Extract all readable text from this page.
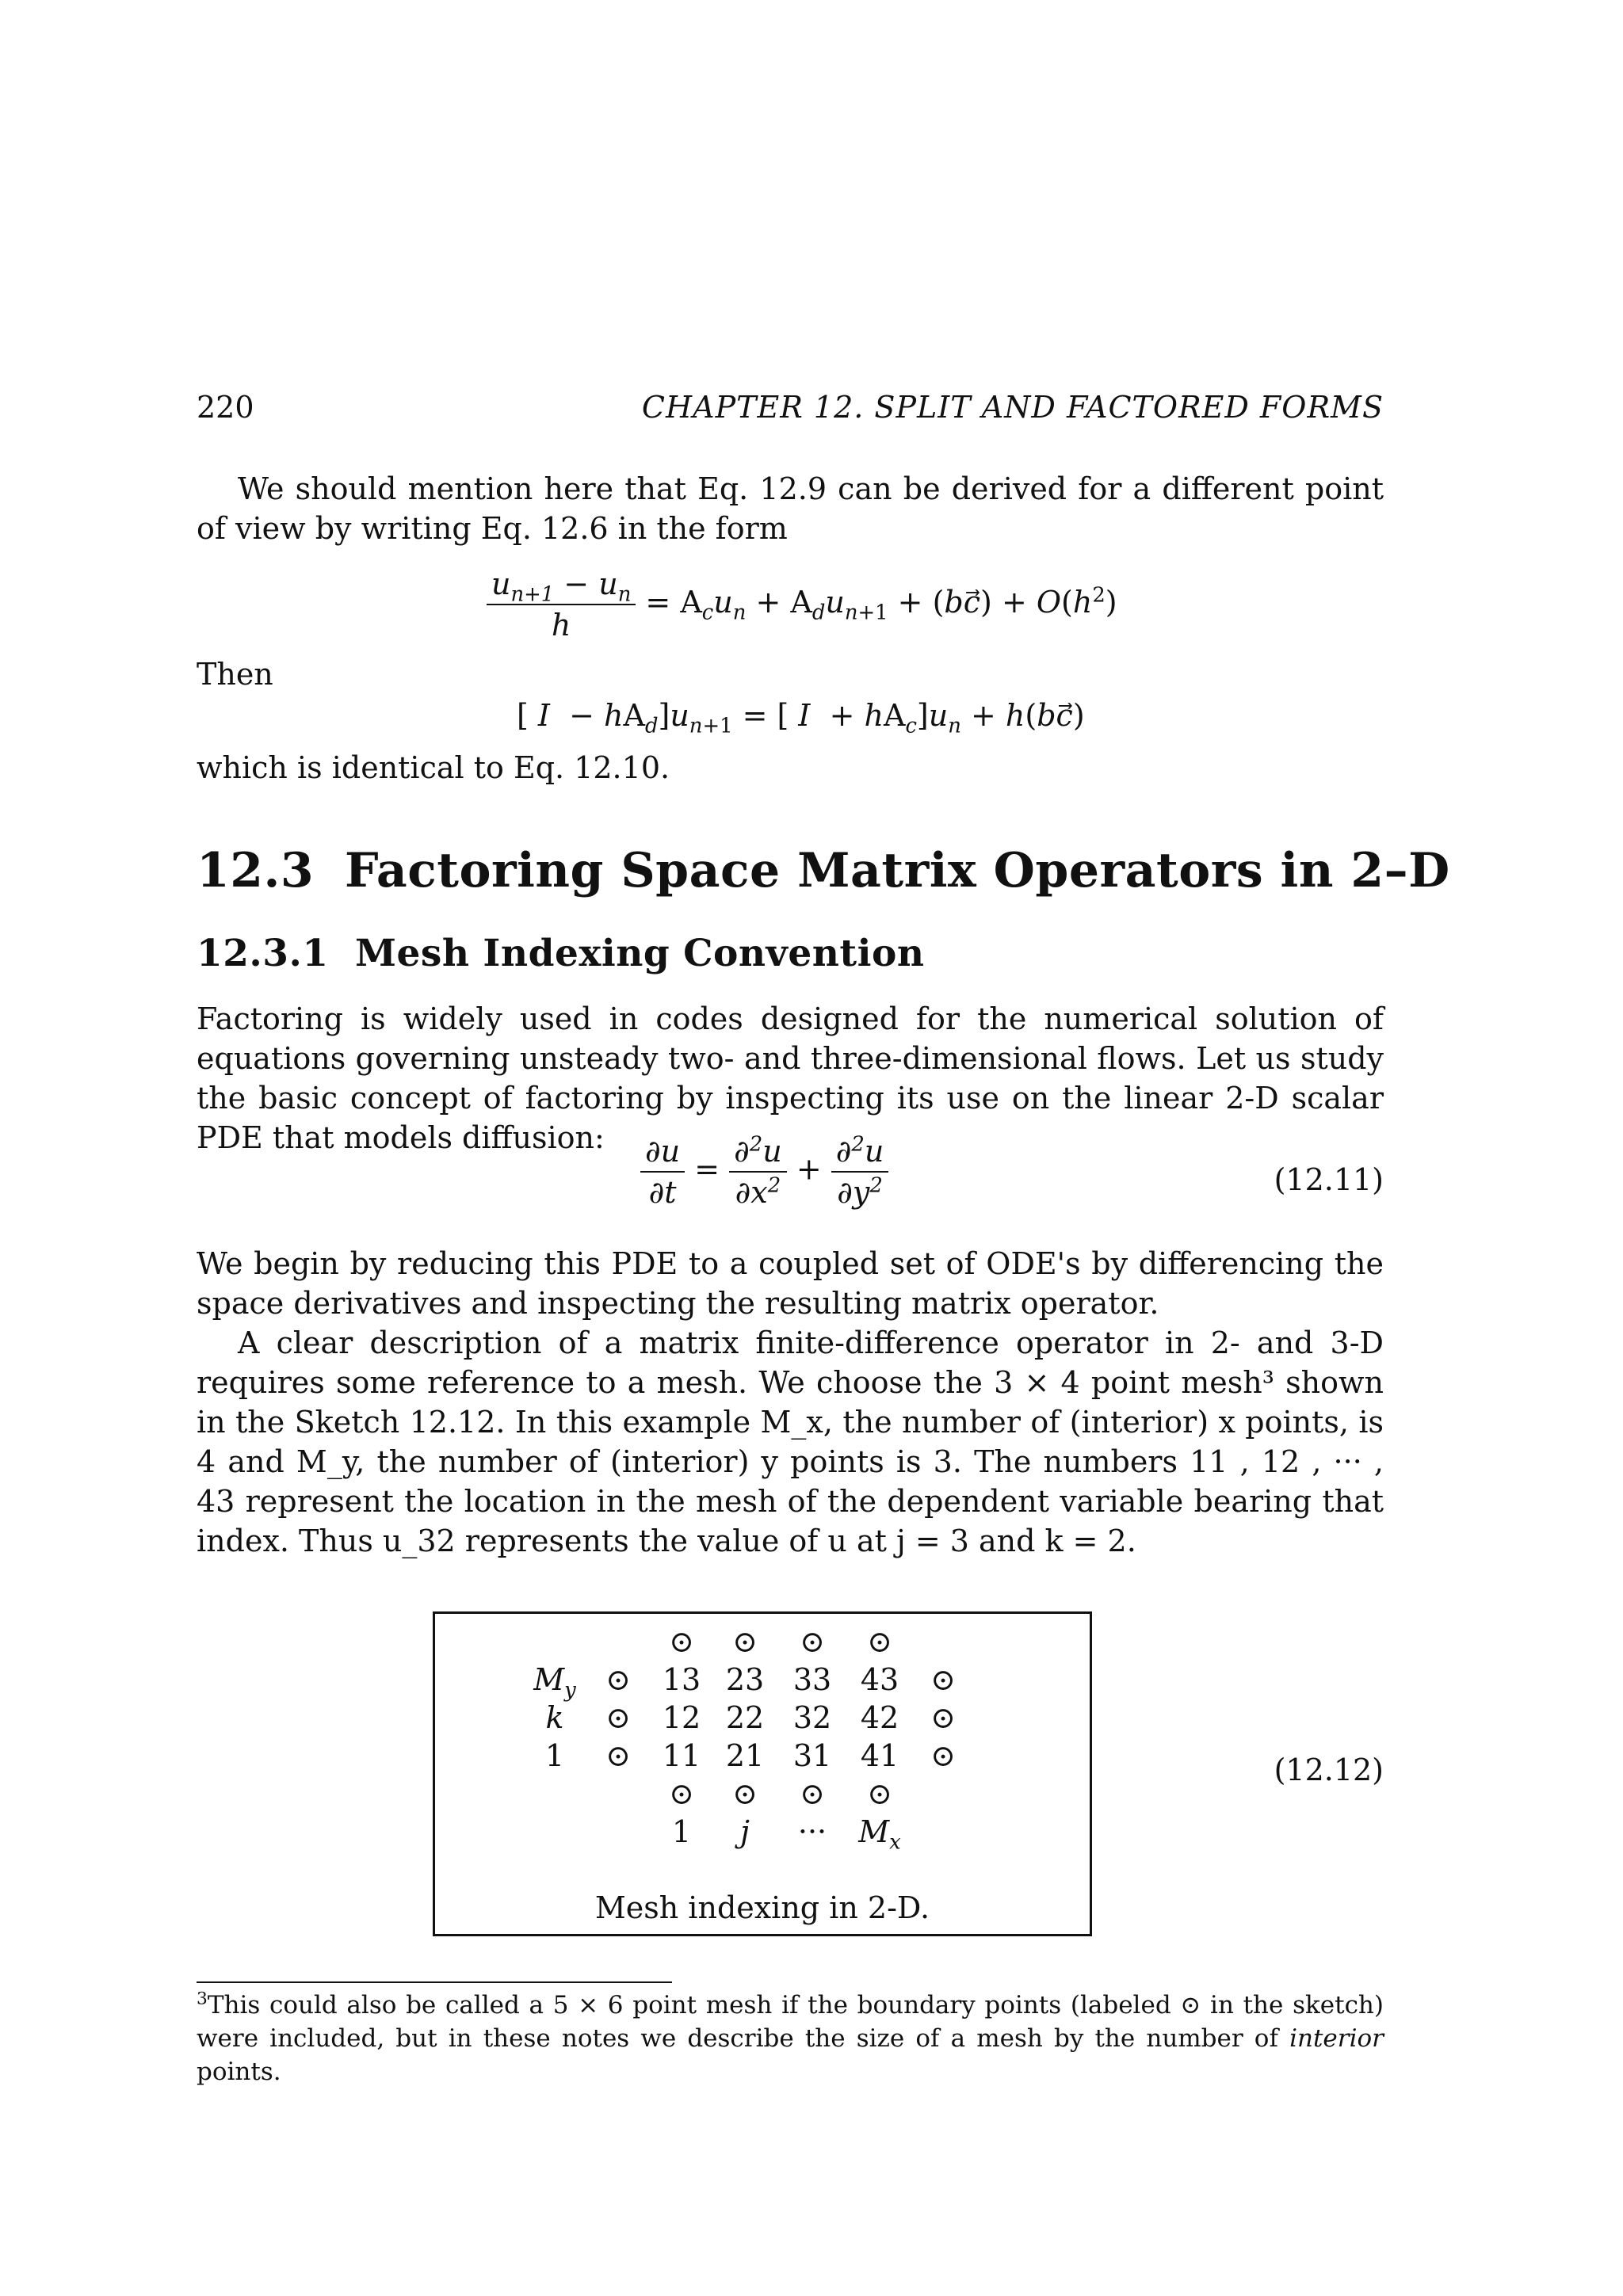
220	CHAPTER 12. SPLIT AND FACTORED FORMS
We should mention here that Eq. 12.9 can be derived for a different point of view by writing Eq. 12.6 in the form
$\frac{u_{n+1} - u_n}{h} = A_cu_n + A_du_{n+1}$ + (bc⃗) + $O(h^2)$
Then
[ $I - hA_d]u_{n+1}$ = [ $I + hA_c]u_n$ + h(bc⃗)
which is identical to Eq. 12.10.
12.3 Factoring Space Matrix Operators in 2–D
12.3.1 Mesh Indexing Convention
Factoring is widely used in codes designed for the numerical solution of equations governing unsteady two- and three-dimensional flows. Let us study the basic concept of factoring by inspecting its use on the linear 2-D scalar PDE that models diffusion:	$\frac{\partial u}{\partial t} = \frac{\partial^2u}{\partial x^2} + \frac{\partial^2u}{\partial y^2}$	(12.11)
We begin by reducing this PDE to a coupled set of ODE's by differencing the space derivatives and inspecting the resulting matrix operator.
A clear description of a matrix finite-difference operator in 2- and 3-D requires some reference to a mesh. We choose the 3 × 4 point mesh³ shown in the Sketch 12.12. In this example M_x, the number of (interior) x points, is 4 and M_y, the number of (interior) y points is 3. The numbers 11 , 12 , ··· , 43 represent the location in the mesh of the dependent variable bearing that index. Thus u_32 represents the value of u at j = 3 and k = 2.
⊙	⊙	⊙	⊙
$M_y$ ⊙	13 23 33 43	⊙
k	⊙	12 22 32 42	⊙
1	⊙	11 21 31 41	⊙
⊙	⊙	⊙	⊙
1	j	···	$M_x$
Mesh indexing in 2-D.
(12.12)
$^3$This could also be called a 5 × 6 point mesh if the boundary points (labeled ⊙ in the sketch) were included, but in these notes we describe the size of a mesh by the number of interior points.
